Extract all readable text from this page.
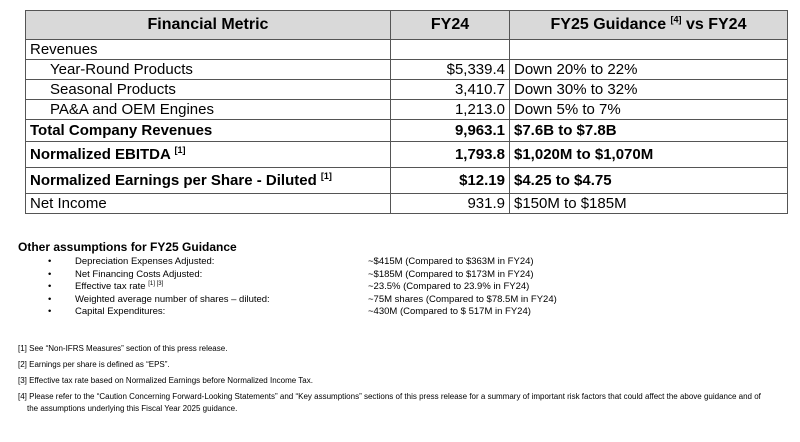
Financial Metric	FY24	FY25 Guidance [4] vs FY24
Revenues		
Year-Round Products	$5,339.4	Down 20% to 22%
Seasonal Products	3,410.7	Down 30% to 32%
PA&A and OEM Engines	1,213.0	Down 5% to 7%
Total Company Revenues	9,963.1	$7.6B to $7.8B
Normalized EBITDA [1]	1,793.8	$1,020M to $1,070M
Normalized Earnings per Share - Diluted [1]	$12.19	$4.25 to $4.75
Net Income	931.9	$150M to $185M
Other assumptions for FY25 Guidance
• Depreciation Expenses Adjusted:	~$415M (Compared to $363M in FY24)
• Net Financing Costs Adjusted:	~$185M (Compared to $173M in FY24)
• Effective tax rate [1] [3]	~23.5% (Compared to 23.9% in FY24)
• Weighted average number of shares – diluted:	~75M shares (Compared to $78.5M in FY24)
• Capital Expenditures:	~430M (Compared to $ 517M in FY24)
[1] See “Non-IFRS Measures” section of this press release.
[2] Earnings per share is defined as “EPS”.
[3] Effective tax rate based on Normalized Earnings before Normalized Income Tax.
[4] Please refer to the “Caution Concerning Forward-Looking Statements” and “Key assumptions” sections of this press release for a summary of important risk factors that could affect the above guidance and of
the assumptions underlying this Fiscal Year 2025 guidance.
